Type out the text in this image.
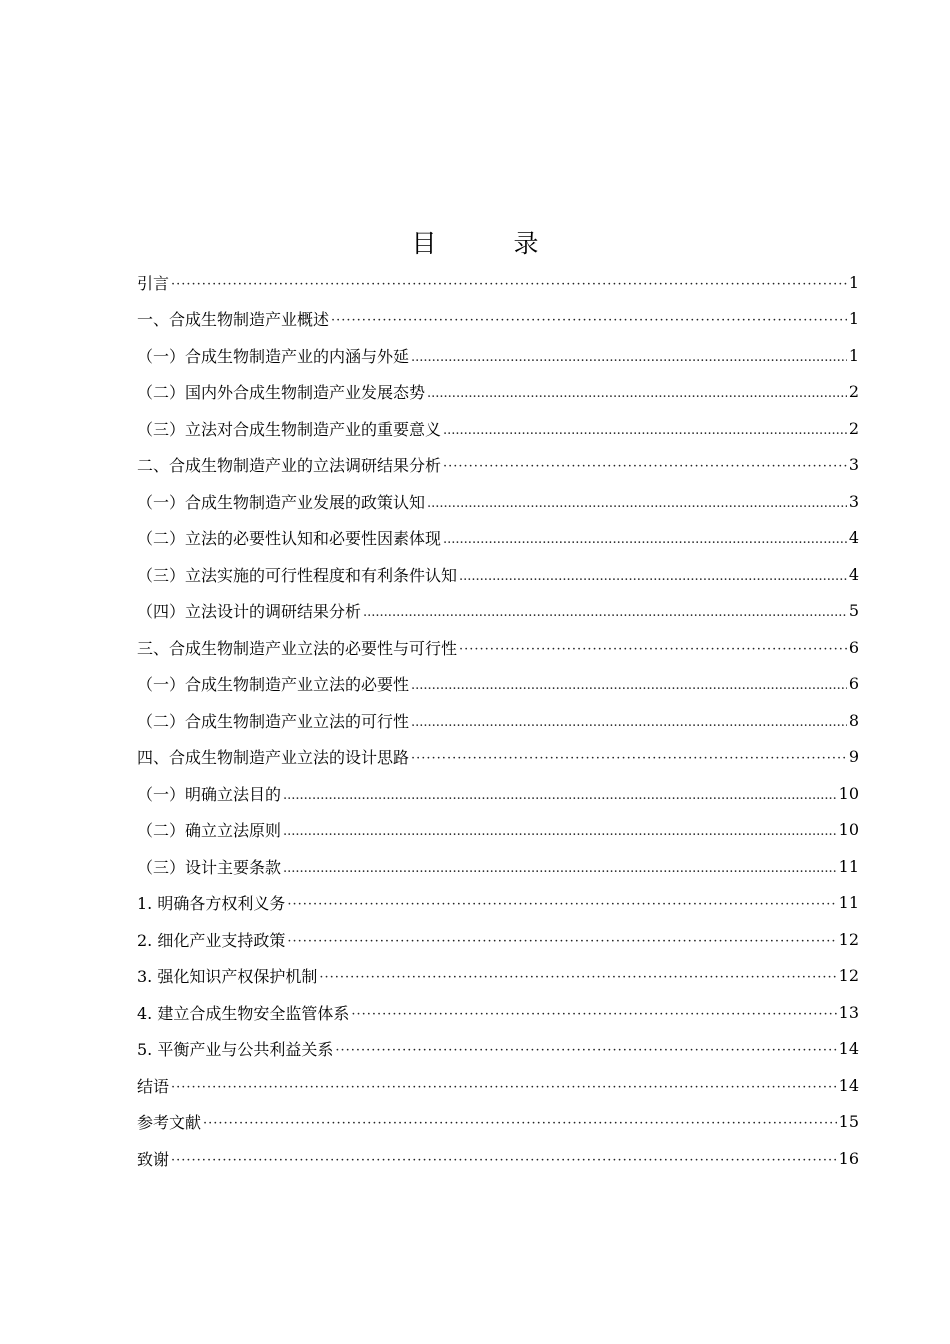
目　录
引言 ·····	1
一、合成生物制造产业概述 ·····	1
（一）合成生物制造产业的内涵与外延 .....	1
（二）国内外合成生物制造产业发展态势 .....	2
（三）立法对合成生物制造产业的重要意义 .....	2
二、合成生物制造产业的立法调研结果分析 ·····	3
（一）合成生物制造产业发展的政策认知 .....	3
（二）立法的必要性认知和必要性因素体现 .....	4
（三）立法实施的可行性程度和有利条件认知 .....	4
（四）立法设计的调研结果分析 .....	5
三、合成生物制造产业立法的必要性与可行性 ·····	6
（一）合成生物制造产业立法的必要性 .....	6
（二）合成生物制造产业立法的可行性 .....	8
四、合成生物制造产业立法的设计思路 ·····	9
（一）明确立法目的 .....	10
（二）确立立法原则 .....	10
（三）设计主要条款 .....	11
1. 明确各方权利义务 ·····	11
2. 细化产业支持政策 ·····	12
3. 强化知识产权保护机制 ·····	12
4. 建立合成生物安全监管体系 ·····	13
5. 平衡产业与公共利益关系 ·····	14
结语 ·····	14
参考文献 ·····	15
致谢 ·····	16
